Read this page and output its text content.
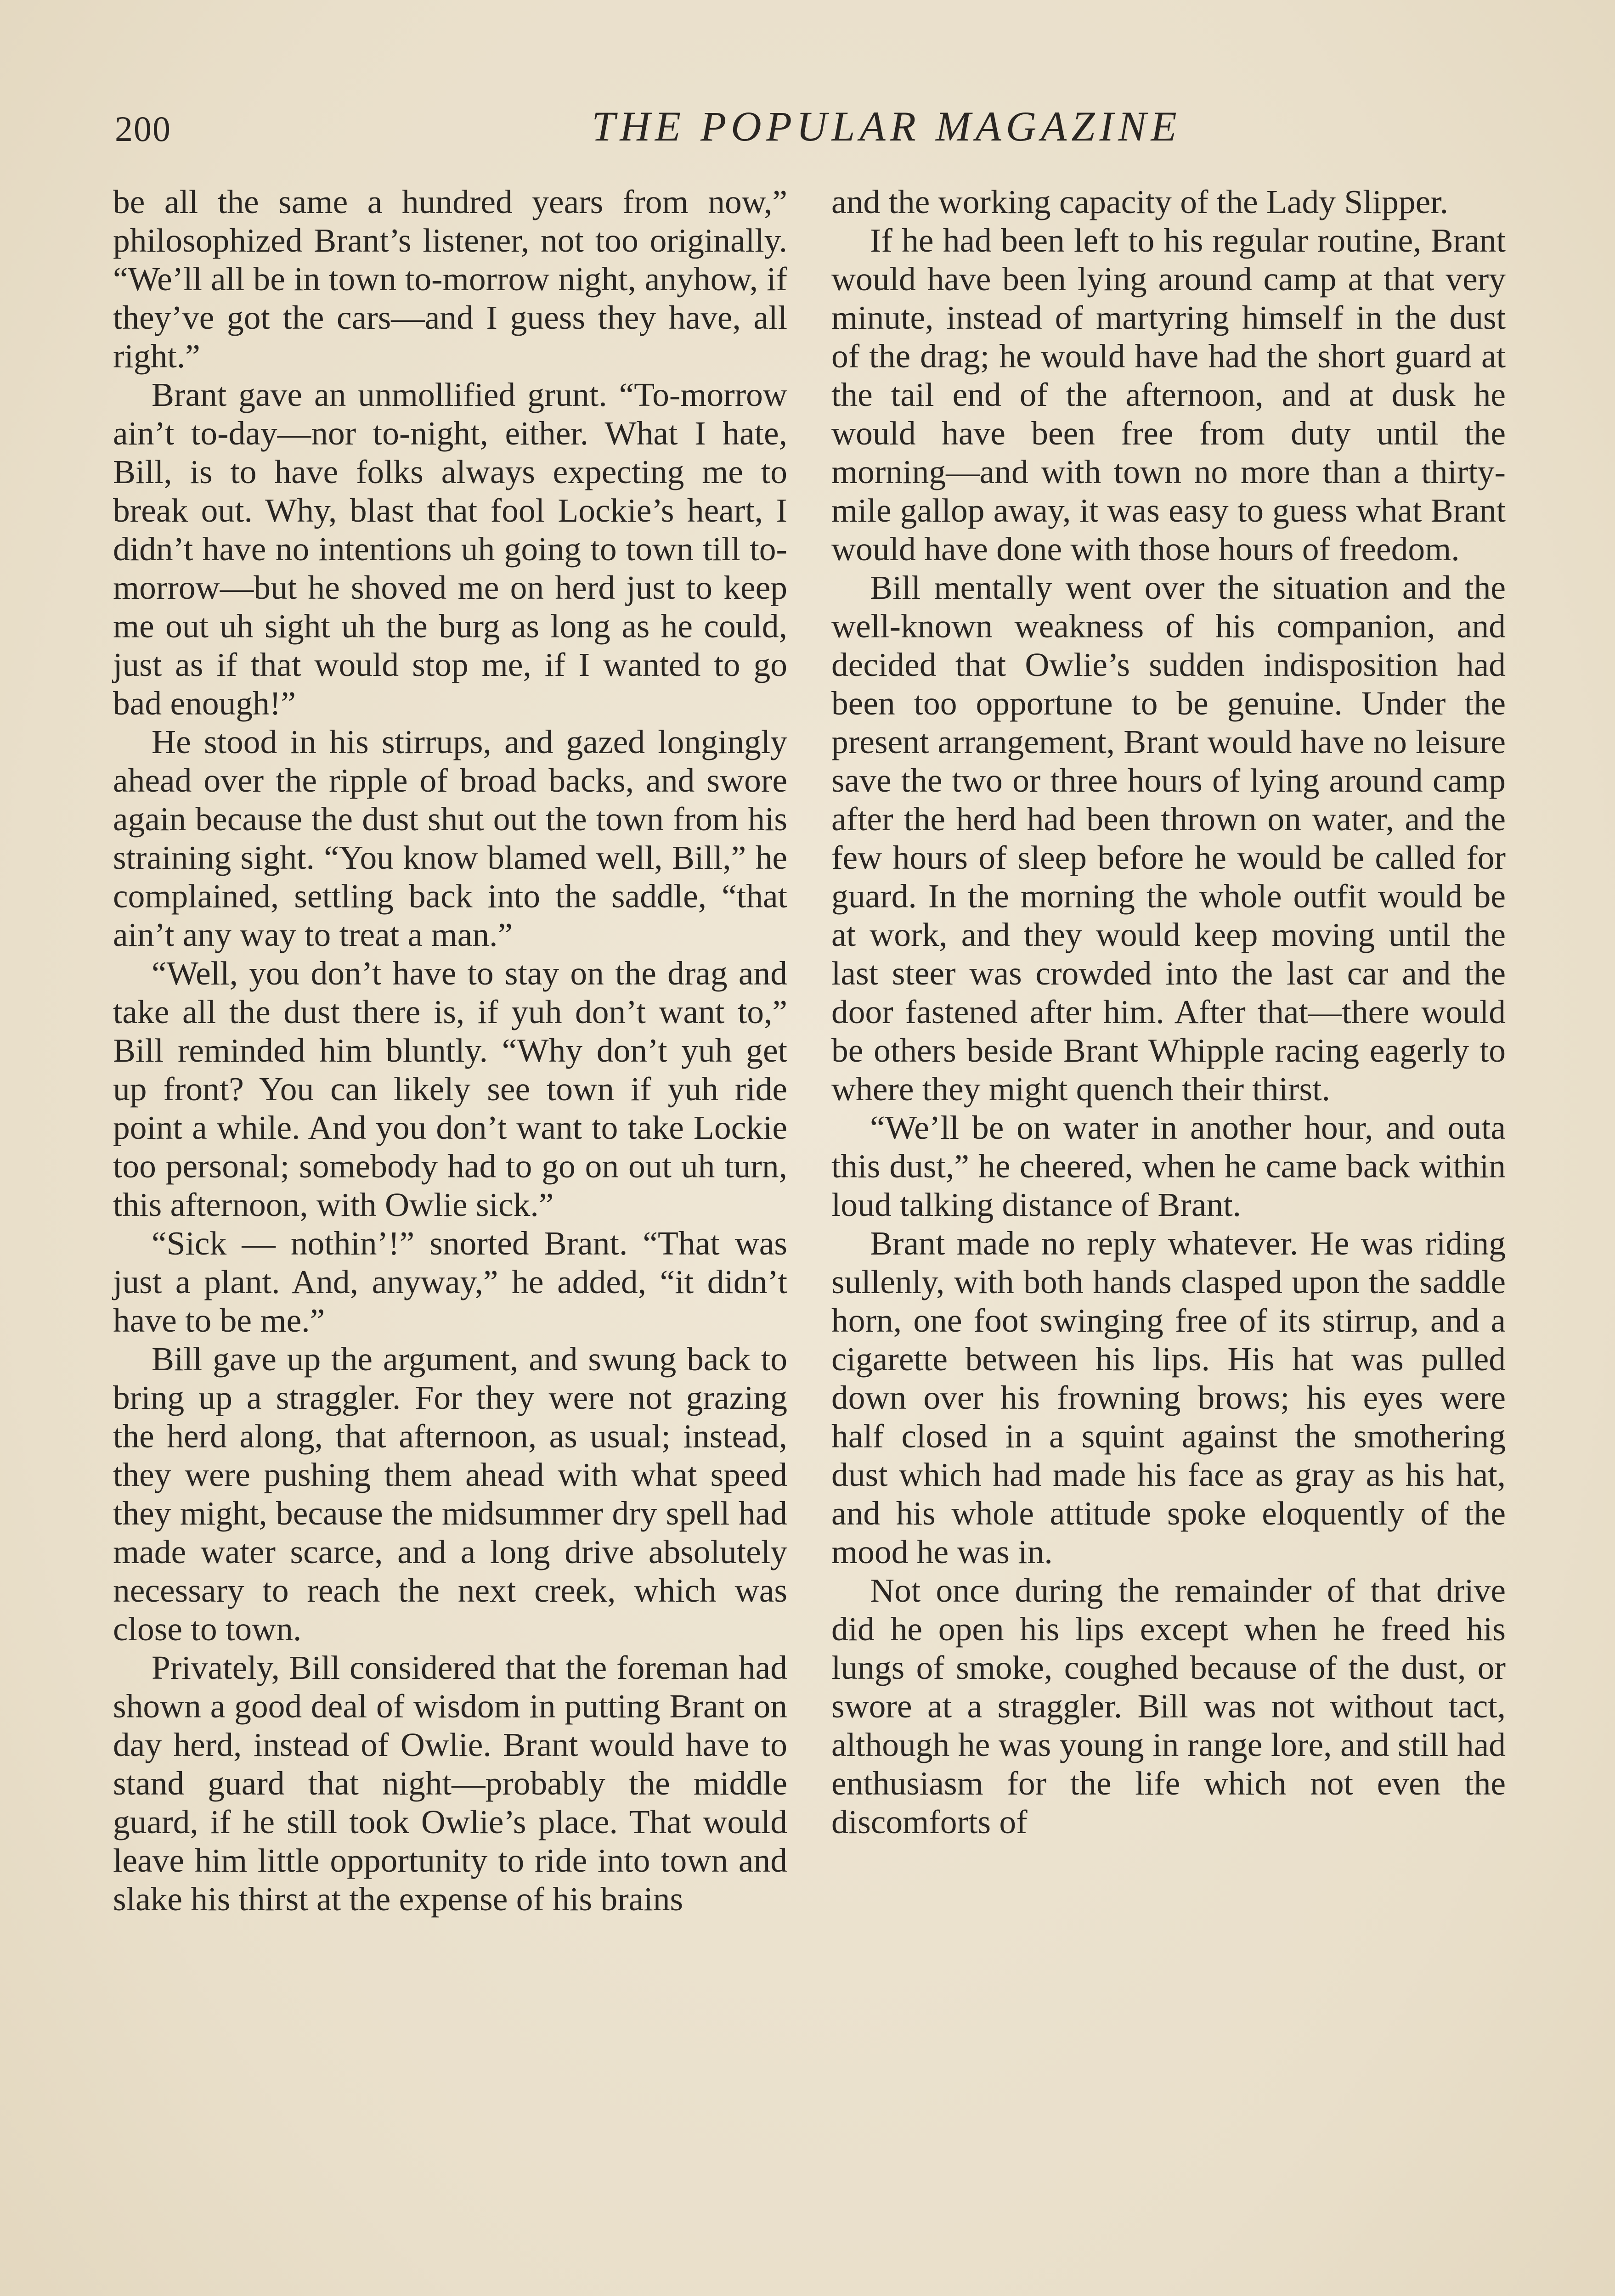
200	THE POPULAR MAGAZINE

be all the same a hundred years from now,” philosophized Brant’s listener, not too originally. “We’ll all be in town to-morrow night, anyhow, if they’ve got the cars—and I guess they have, all right.”

Brant gave an unmollified grunt. “To-morrow ain’t to-day—nor to-night, either. What I hate, Bill, is to have folks always expecting me to break out. Why, blast that fool Lockie’s heart, I didn’t have no intentions uh going to town till to-morrow—but he shoved me on herd just to keep me out uh sight uh the burg as long as he could, just as if that would stop me, if I wanted to go bad enough!”

He stood in his stirrups, and gazed longingly ahead over the ripple of broad backs, and swore again because the dust shut out the town from his straining sight. “You know blamed well, Bill,” he complained, settling back into the saddle, “that ain’t any way to treat a man.”

“Well, you don’t have to stay on the drag and take all the dust there is, if yuh don’t want to,” Bill reminded him bluntly. “Why don’t yuh get up front? You can likely see town if yuh ride point a while. And you don’t want to take Lockie too personal; somebody had to go on out uh turn, this afternoon, with Owlie sick.”

“Sick — nothin’!” snorted Brant. “That was just a plant. And, anyway,” he added, “it didn’t have to be me.”

Bill gave up the argument, and swung back to bring up a straggler. For they were not grazing the herd along, that afternoon, as usual; instead, they were pushing them ahead with what speed they might, because the midsummer dry spell had made water scarce, and a long drive absolutely necessary to reach the next creek, which was close to town.

Privately, Bill considered that the foreman had shown a good deal of wisdom in putting Brant on day herd, instead of Owlie. Brant would have to stand guard that night—probably the middle guard, if he still took Owlie’s place. That would leave him little opportunity to ride into town and slake his thirst at the expense of his brains

and the working capacity of the Lady Slipper.

If he had been left to his regular routine, Brant would have been lying around camp at that very minute, instead of martyring himself in the dust of the drag; he would have had the short guard at the tail end of the afternoon, and at dusk he would have been free from duty until the morning—and with town no more than a thirty-mile gallop away, it was easy to guess what Brant would have done with those hours of freedom.

Bill mentally went over the situation and the well-known weakness of his companion, and decided that Owlie’s sudden indisposition had been too opportune to be genuine. Under the present arrangement, Brant would have no leisure save the two or three hours of lying around camp after the herd had been thrown on water, and the few hours of sleep before he would be called for guard. In the morning the whole outfit would be at work, and they would keep moving until the last steer was crowded into the last car and the door fastened after him. After that—there would be others beside Brant Whipple racing eagerly to where they might quench their thirst.

“We’ll be on water in another hour, and outa this dust,” he cheered, when he came back within loud talking distance of Brant.

Brant made no reply whatever. He was riding sullenly, with both hands clasped upon the saddle horn, one foot swinging free of its stirrup, and a cigarette between his lips. His hat was pulled down over his frowning brows; his eyes were half closed in a squint against the smothering dust which had made his face as gray as his hat, and his whole attitude spoke eloquently of the mood he was in.

Not once during the remainder of that drive did he open his lips except when he freed his lungs of smoke, coughed because of the dust, or swore at a straggler. Bill was not without tact, although he was young in range lore, and still had enthusiasm for the life which not even the discomforts of
